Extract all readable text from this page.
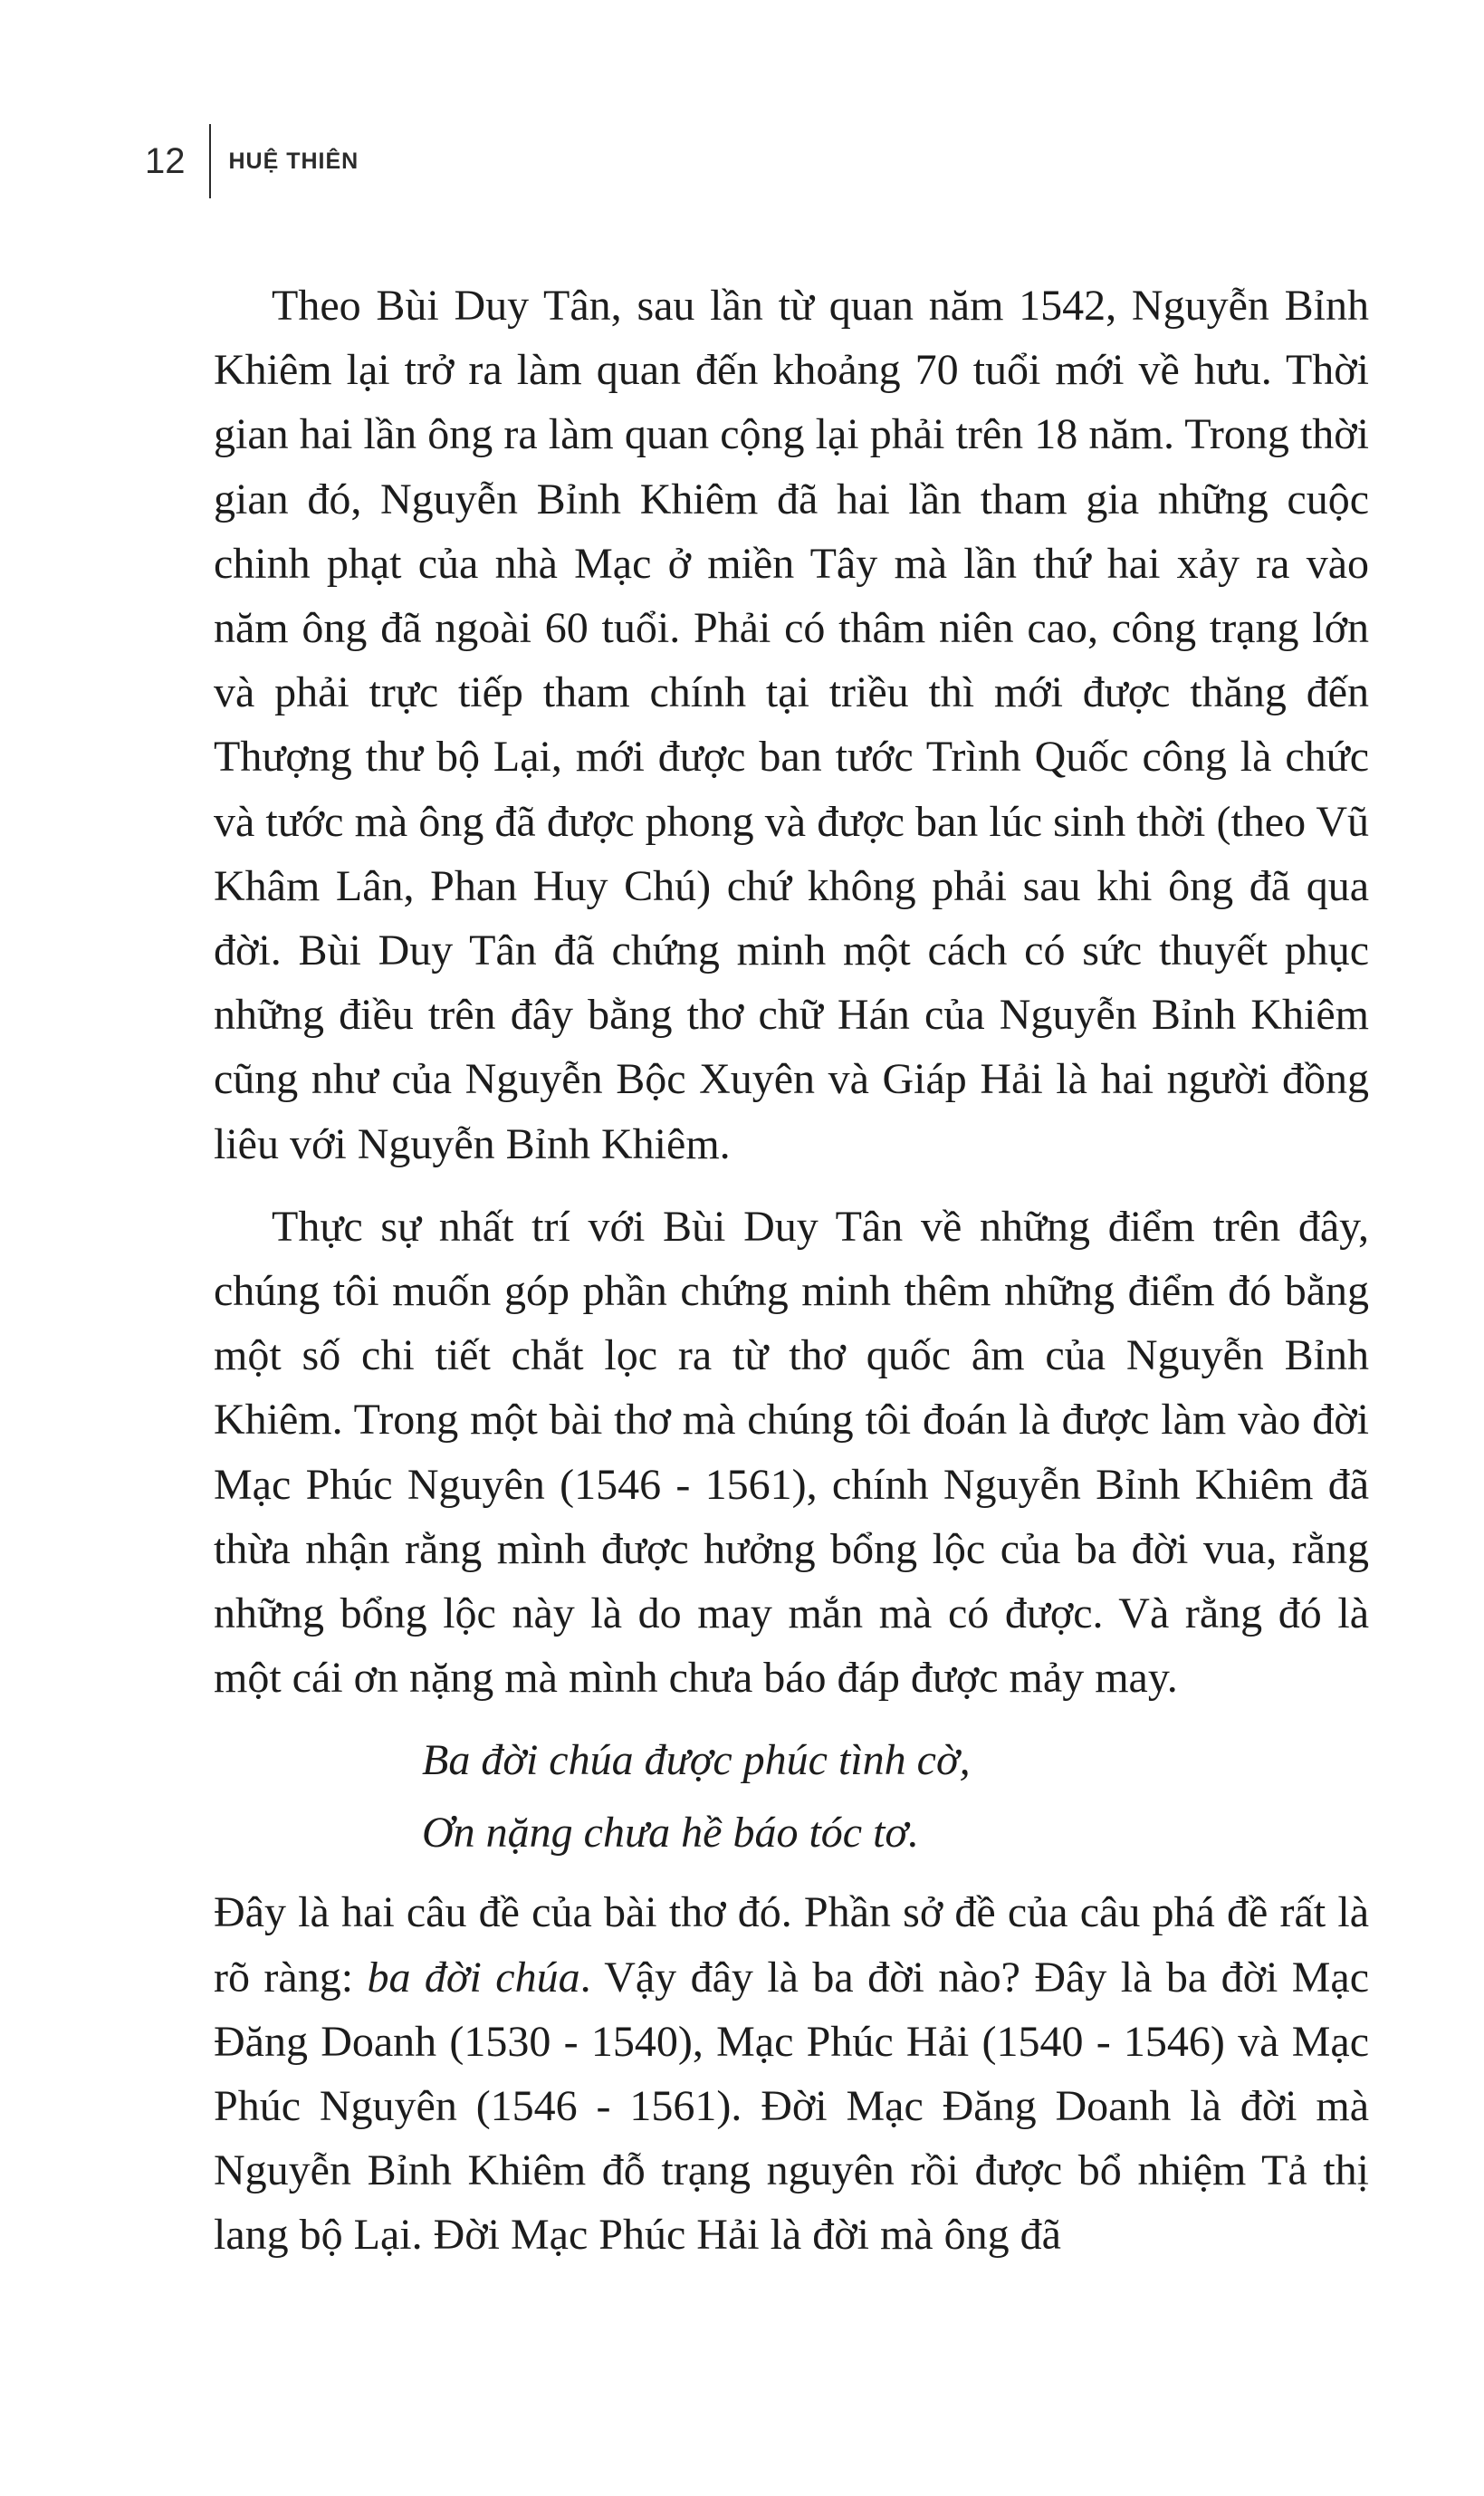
12 HUỆ THIÊN

Theo Bùi Duy Tân, sau lần từ quan năm 1542, Nguyễn Bỉnh Khiêm lại trở ra làm quan đến khoảng 70 tuổi mới về hưu. Thời gian hai lần ông ra làm quan cộng lại phải trên 18 năm. Trong thời gian đó, Nguyễn Bỉnh Khiêm đã hai lần tham gia những cuộc chinh phạt của nhà Mạc ở miền Tây mà lần thứ hai xảy ra vào năm ông đã ngoài 60 tuổi. Phải có thâm niên cao, công trạng lớn và phải trực tiếp tham chính tại triều thì mới được thăng đến Thượng thư bộ Lại, mới được ban tước Trình Quốc công là chức và tước mà ông đã được phong và được ban lúc sinh thời (theo Vũ Khâm Lân, Phan Huy Chú) chứ không phải sau khi ông đã qua đời. Bùi Duy Tân đã chứng minh một cách có sức thuyết phục những điều trên đây bằng thơ chữ Hán của Nguyễn Bỉnh Khiêm cũng như của Nguyễn Bộc Xuyên và Giáp Hải là hai người đồng liêu với Nguyễn Bỉnh Khiêm.

Thực sự nhất trí với Bùi Duy Tân về những điểm trên đây, chúng tôi muốn góp phần chứng minh thêm những điểm đó bằng một số chi tiết chắt lọc ra từ thơ quốc âm của Nguyễn Bỉnh Khiêm. Trong một bài thơ mà chúng tôi đoán là được làm vào đời Mạc Phúc Nguyên (1546 - 1561), chính Nguyễn Bỉnh Khiêm đã thừa nhận rằng mình được hưởng bổng lộc của ba đời vua, rằng những bổng lộc này là do may mắn mà có được. Và rằng đó là một cái ơn nặng mà mình chưa báo đáp được mảy may.

Ba đời chúa được phúc tình cờ,
Ơn nặng chưa hề báo tóc tơ.

Đây là hai câu đề của bài thơ đó. Phần sở đề của câu phá đề rất là rõ ràng: ba đời chúa. Vậy đây là ba đời nào? Đây là ba đời Mạc Đăng Doanh (1530 - 1540), Mạc Phúc Hải (1540 - 1546) và Mạc Phúc Nguyên (1546 - 1561). Đời Mạc Đăng Doanh là đời mà Nguyễn Bỉnh Khiêm đỗ trạng nguyên rồi được bổ nhiệm Tả thị lang bộ Lại. Đời Mạc Phúc Hải là đời mà ông đã
